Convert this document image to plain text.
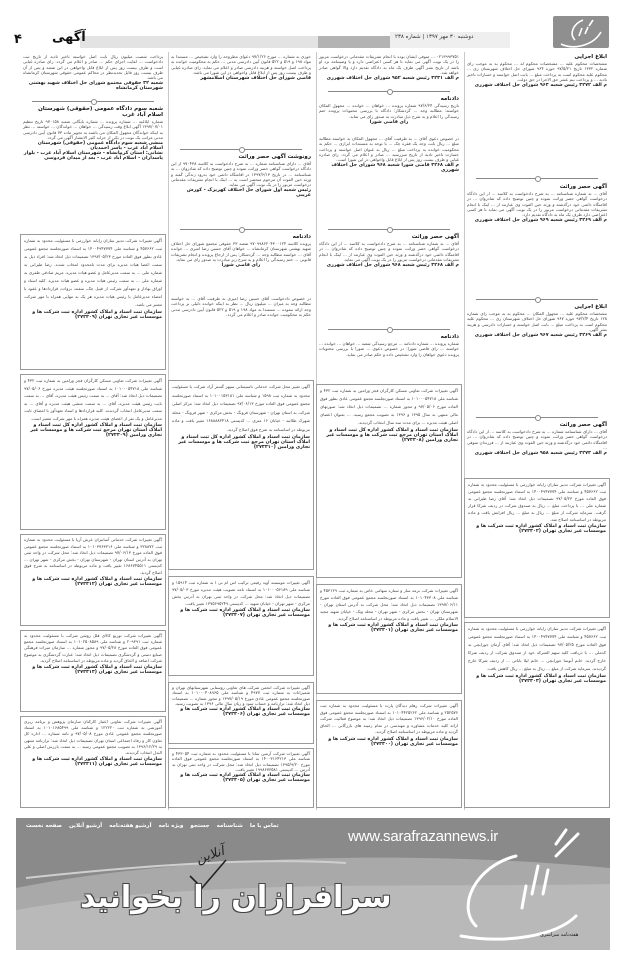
۴ آگهی	دوشنبه ۳۰ مهر ۱۳۹۷ | شماره ۲۳۸
ابلاغ اجرایی
مشخصات محکوم علیه ... مشخصات محکوم له ... محکوم به به موجب رای شماره ۱۳۳۲ تاریخ ۹۷/۵/۲۱ حوزه ۹۶۴ شورای حل اختلاف شهرستان ری ... محکوم علیه محکوم است به پرداخت مبلغ ... بابت اصل خواسته و خسارات تاخیر تادیه ... و پرداخت نیم عشر حق الاجرا در حق دولت.
م الف ۳۲۷۲ رئیس شعبه ۹۶۴ شورای حل اختلاف شهرری
آگهی حصر وراثت
آقای ... به شماره شناسنامه ... به شرح دادخواست به کلاسه ... از این دادگاه درخواست گواهی حصر وراثت نموده و چنین توضیح داده که شادروان ... در اقامتگاه دائمی خود درگذشته و ورثه حین الفوت وی عبارتند از ... اینک با انجام تشریفات مقدماتی درخواست مزبور را در یک نوبت آگهی می نماید تا هر کسی اعتراضی دارد ظرف یک ماه به دادگاه تقدیم دارد.
م الف ۳۲۶۹ رئیس شعبه ۹۶۹ شورای حل اختلاف شهرری
ابلاغ اجرایی
مشخصات محکوم علیه ... مجهول المکان ... محکوم به به موجب رای شماره ۱۲۸ تاریخ ۹۷/۲/۴ حوزه ۹۶۷ شورای حل اختلاف شهرستان ری ... محکوم علیه محکوم است به پرداخت مبلغ ... بابت اصل خواسته و خسارات دادرسی و هزینه نشر آگهی.
م الف ۳۲۶۹ رئیس شعبه ۹۶۷ شورای حل اختلاف شهرری
آگهی حصر وراثت
آقای ... دارای شناسنامه شماره ... به شرح دادخواست به کلاسه ... از این دادگاه درخواست گواهی حصر وراثت نموده و چنین توضیح داده که شادروان ... در اقامتگاه دائمی خود درگذشته و ورثه حین الفوت وی عبارتند از ... فرزندان متوفی ...
م الف ۳۲۷۴ رئیس شعبه ۹۵۸ شورای حل اختلاف شهرری
آگهی تغییرات شرکت تدبیر سازان رایانه خوارزمی با مسئولیت محدود به شماره ثبت ۴۵۷۶۶۲ و شناسه ملی ۱۴۰۰۴۹۴۷۷۷۴ به استناد صورتجلسه مجمع عمومی فوق العاده مورخ ۹۷/۰۵/۲۳ تصمیمات ذیل اتخاذ شد: آقای رضا طیرانی به شماره ملی ... با پرداخت مبلغ ... ریال به صندوق شرکت در ردیف شرکا قرار گرفت. سرمایه شرکت از مبلغ ... ریال به مبلغ ... ریال افزایش یافت و ماده مربوطه در اساسنامه اصلاح شد.
سازمان ثبت اسناد و املاک کشور اداره ثبت شرکت ها و موسسات غیر تجاری تهران (۲۷۴۳۰۲)
آگهی تغییرات شرکت تدبیر سازان رایانه خوارزمی با مسئولیت محدود به شماره ثبت ۴۵۷۶۶۲ و شناسه ملی ۱۴۰۰۴۹۴۷۷۷۴ به استناد صورتجلسه مجمع عمومی فوق العاده مورخ ۹۷/۰۵/۲۵ تصمیمات ذیل اتخاذ شد: آقای آرمان جورابچی به کدملی ... با دریافت کلیه سهم الشرکه خود از صندوق شرکت از ردیف شرکا خارج گردید. خانم آتوسا جورابچی ... خانم لیلا بابائی ... از ردیف شرکا خارج گردیدند. سرمایه شرکت از مبلغ ... ریال به مبلغ ... ریال کاهش یافت.
سازمان ثبت اسناد و املاک کشور اداره ثبت شرکت ها و موسسات غیر تجاری تهران (۲۷۴۳۰۳)
۰۲۱۳۹۹۳۷۵۱ ... متوفی ایشان بوده با انجام تشریفات مقدماتی درخواست مزبور را در یک نوبت آگهی می نماید تا هر کسی اعتراضی دارد و یا وصیتنامه نزد او باشد از تاریخ نشر آگهی ظرف یک ماه به دادگاه تقدیم دارد والا گواهی صادر خواهد شد.
م الف ۳۲۳۱ رئیس شعبه ۹۵۲ شورای حل اختلاف شهرری
دادنامه
تاریخ رسیدگی ۹۷/۶/۲۴ شماره پرونده ... خواهان ... خوانده ... مجهول المکان خواسته: مطالبه وجه ... گردشکار: دادگاه با بررسی محتویات پرونده ختم رسیدگی را اعلام و به شرح ذیل مبادرت به صدور رای می نماید.
رای قاضی شورا
در خصوص دعوی آقای ... به طرفیت آقای ... مجهول المکان به خواسته مطالبه مبلغ ... ریال بابت وجه یک فقره چک ... با توجه به مستندات ابرازی ... حکم به محکومیت خوانده به پرداخت مبلغ ... ریال به عنوان اصل خواسته و پرداخت خسارت تاخیر تادیه از تاریخ سررسید ... صادر و اعلام می گردد. رای صادره غیابی و ظرف بیست روز پس از ابلاغ قابل واخواهی در این شورا است.
م الف ۳۲۶۸ قاضی شورا شعبه ۹۶۸ شورای حل اختلاف شهرری
آگهی حصر وراثت
آقای ... به شماره شناسنامه ... به شرح دادخواست به کلاسه ... از این دادگاه درخواست گواهی حصر وراثت نموده و چنین توضیح داده که شادروان ... در اقامتگاه دائمی خود درگذشته و ورثه حین الفوت وی عبارتند از ... اینک با انجام تشریفات مقدماتی درخواست مزبور را در یک نوبت آگهی می نماید.
م الف ۳۲۶۸ رئیس شعبه ۹۶۸ شورای حل اختلاف شهرری
دادنامه
شماره پرونده ... شماره دادنامه ... مرجع رسیدگی شعبه ... خواهان ... خوانده ... خواسته ... رای قاضی شورا: در خصوص دعوی ... شورا با بررسی محتویات پرونده دعوی خواهان را وارد تشخیص داده و حکم صادر می نماید.
آگهی تغییرات شرکت تعاونی مسکن کارگران فجر ورامین به شماره ثبت ۴۳۲ و شناسه ملی ۱۰۱۰۰۰۵۴۷۱۸ به استناد صورتجلسه مجمع عمومی عادی بطور فوق العاده مورخ ۹۷/۰۵/۰۶ و مجوز شماره ... تصمیمات ذیل اتخاذ شد: صورتهای مالی منتهی به سال ۱۳۹۵ و ۱۳۹۶ به تصویب مجمع رسید. ... بعنوان اعضای اصلی هیئت مدیره ... برای مدت سه سال انتخاب گردیدند.
سازمان ثبت اسناد و املاک کشور اداره کل ثبت اسناد و املاک استان تهران مرجع ثبت شرکت ها و موسسات غیر تجاری ورامین (۲۷۴۳۰۸)
آگهی تغییرات شرکت ترمه ساز و ستاره سهامی خاص به شماره ثبت ۴۵۳۱۲۹ و شناسه ملی ۱۰۱۰۴۳۳۰۸ به استناد صورتجلسه مجمع عمومی فوق العاده مورخ ۱۳۹۷/۰۶/۱۱ تصمیمات ذیل اتخاذ شد: محل شرکت به آدرس استان تهران - شهرستان تهران - بخش مرکزی - شهر تهران - محله ونک - خیابان شهید مجید الاسلام ملکی ... تغییر یافت و ماده مربوطه در اساسنامه اصلاح گردید.
سازمان ثبت اسناد و املاک کشور اداره ثبت شرکت ها و موسسات غیر تجاری تهران (۲۷۴۳۰۱)
آگهی تغییرات شرکت رهام دیدگان پارت با مسئولیت محدود به شماره ثبت ۲۵۲۵۷۶ و شناسه ملی ۱۰۱۰۴۴۲۵۲۶۲ به استناد صورتجلسه مجمع عمومی فوق العاده مورخ ۱۳۹۶/۰۲/۱۰ تصمیمات ذیل اتخاذ شد: به موضوع فعالیت شرکت ارائه کلیه خدمات مشاوره و مهندسی در تمام زمینه های بازرگانی ... الحاق گردید و ماده مربوطه در اساسنامه اصلاح گردید.
سازمان ثبت اسناد و املاک کشور اداره ثبت شرکت ها و موسسات غیر تجاری تهران (۲۷۴۳۰۰)
خوزی به شماره ... مورخ ۹۷/۱/۲۶ دعوای مطروحه را وارد تشخیص ... مستندا به مواد ۱۹۸ و ۵۱۹ و ۵۲۲ قانون آیین دادرسی مدنی ... حکم به محکومیت خوانده به پرداخت اصل خواسته و هزینه دادرسی صادر و اعلام می نماید. رای صادره غیابی و ظرف بیست روز پس از ابلاغ قابل واخواهی در این شورا می باشد.
قاضی شورای حل اختلاف شهرستان اسلامشهر
رونوشت آگهی حصر وراثت
آقای ... دارای شناسنامه شماره ... به شرح دادخواست به کلاسه ۹۷۰۴۳۸ از این دادگاه درخواست گواهی حصر وراثت نموده و چنین توضیح داده که شادروان ... به شناسنامه ... در تاریخ ۱۳۹۷/۶/۱۳ در اقامتگاه دائمی خود بدرود زندگی گفته و ورثه حین الفوت آن مرحوم منحصر است به ... اینک با انجام تشریفات مقدماتی درخواست مزبور را در یک نوبت آگهی می نماید.
رئیس شعبه اول شورای حل اختلاف کهریزک - کورش غریبی
دادنامه
پرونده کلاسه ۹۷۰۹۹۸۶۲۰۴۳۰۰۱۲۴ شعبه ۳۳ حقوقی مجتمع شورای حل اختلاف شهید بهشتی شهرستان کرمانشاه ... خواهان آقای حسین رضا امیری ... خوانده آقای ... خواسته مطالبه وجه ... گردشکار: پس از ارجاع پرونده و انجام تشریفات قانونی ... ختم رسیدگی را اعلام و به شرح زیر مبادرت به صدور رای می نماید.
رای قاضی شورا
در خصوص دادخواست آقای حسین رضا امیری به طرفیت آقای ... به خواسته مطالبه وجه به میزان ... میلیون ریال ... نظر به اینکه خوانده دلیلی بر پرداخت وجه ارائه ننموده ... مستندا به مواد ۱۹۸ و ۵۱۹ و ۵۲۲ قانون آیین دادرسی مدنی حکم به محکومیت خوانده صادر و اعلام می گردد.
آگهی تغییر محل شرکت خدماتی تاسیساتی سپهر گستر آراد شرکت با مسئولیت محدود به شماره ثبت ۱۵۹۸ و شناسه ملی ۱۰۱۰۰۱۵۳۱۸۱ به استناد صورتجلسه مجمع عمومی فوق العاده مورخ ۹۷/۰۶/۱۳ تصمیمات ذیل اتخاذ شد: مرکز اصلی شرکت به استان تهران - شهرستان فرونگ - بخش مرکزی - شهر فرونگ - محله شهرک طلائیه - خیابان ۱۶ متری ... کدپستی ۱۶۸۸۸۸۳۴۱۸ تغییر یافت و ماده مربوطه در اساسنامه به شرح فوق اصلاح گردید.
سازمان ثبت اسناد و املاک کشور اداره کل ثبت اسناد و املاک استان تهران مرجع ثبت شرکت ها و موسسات غیر تجاری ورامین (۲۷۴۳۱۰)
آگهی تغییرات موسسه آوید رفیعی ترکیب اس ام تی ا به شماره ثبت ۱۵۹۱۴ و شناسه ملی ۱۰۱۰۰۰۵۶۱۸۹ به استناد نامه تصویب هیئت مدیره مورخ ۹۷/۰۵/۰۳ تصمیمات ذیل اتخاذ شد: محل شرکت در واحد ثبتی تهران به آدرس بخش مرکزی - شهر تهران - خیابان شهید ... کدپستی ۱۳۷۵۶۹۵۲۴۹ تغییر یافت.
سازمان ثبت اسناد و املاک کشور اداره ثبت شرکت ها و موسسات غیر تجاری تهران (۲۷۴۳۰۷)
آگهی تغییرات شرکت انجمن شرکت های تعاونی روستایی شهرستانهای تهران و شمیرانات به شماره ثبت ۴۹۷۷ و شناسه ملی ۱۰۱۰۰۰۴۰۸۹۶۵ به استناد صورتجلسه مجمع عمومی عادی مورخ ۱۳۹۷/۰۵/۱۹ و مجوز شماره ... تصمیمات ذیل اتخاذ شد: ترازنامه و حساب سود و زیان سال مالی ۱۳۹۶ به تصویب رسید.
سازمان ثبت اسناد و املاک کشور اداره ثبت شرکت ها و موسسات غیر تجاری تهران (۲۷۴۳۰۶)
آگهی تغییرات شرکت آرمین سانا با مسئولیت محدود به شماره ثبت ۴۳۳۰۵۴ و شناسه ملی ۱۴۰۰۳۱۶۴۲۱۳ به استناد صورتجلسه مجمع عمومی فوق العاده مورخ ۱۳۹۵/۹/۲۰ تصمیمات ذیل اتخاذ شد: محل شرکت در واحد ثبتی تهران به آدرس ... کدپستی ۱۹۹۸۶۷۳۵۸۱ تغییر یافت.
سازمان ثبت اسناد و املاک کشور اداره ثبت شرکت ها و موسسات غیر تجاری تهران (۲۷۴۳۰۵)
پرداخت شصت میلیون ریال بابت اصل خواسته تاخیر تادیه از تاریخ ثبت دادخواست ... لغایت اجرای حکم ... صادر و اعلام می گردد. رای صادره غیابی است و ظرف بیست روز پس از ابلاغ قابل واخواهی در این شعبه و پس از آن ظرف بیست روز قابل تجدیدنظر در محاکم عمومی حقوقی شهرستان کرمانشاه می باشد.
شعبه ۳۲ حقوقی مجتمع شورای حل اختلاف شهید بهشتی شهرستان کرمانشاه
شعبه سوم دادگاه عمومی (حقوقی) شهرستان اسلام آباد غرب
شماره ابلاغیه ... شماره پرونده ... شماره بایگانی شعبه ۹۷۰۱۵۸ تاریخ تنظیم ۱۳۹۷/۰۷/۰۱ آگهی ابلاغ وقت رسیدگی ... خواهان ... خواندگان ... خواسته ... نظر به اینکه خواندگان مجهول المکان می باشند به تجویز ماده ۷۳ قانون آیین دادرسی مدنی مراتب یک نوبت در یکی از جراید کثیر الانتشار آگهی می گردد.
منشی شعبه سوم دادگاه عمومی (حقوقی) شهرستان اسلام آباد غرب - یاسر احمدیان
نشانی: استان کرمانشاه - شهرستان اسلام آباد غرب - بلوار پاسداران - اسلام آباد غرب - بعد از میدان فردوسی
آگهی تغییرات شرکت تدبیر سازان رایانه خوارزمی با مسئولیت محدود به شماره ثبت ۴۵۷۶۶۲ و شناسه ملی ۱۴۰۰۴۹۴۷۷۷۴ به استناد صورتجلسه مجمع عمومی عادی بطور فوق العاده مورخ ۱۳۹۷/۰۵/۲۳ تصمیمات ذیل اتخاذ شد: افراد ذیل به سمت اعضا هیات مدیره برای مدت نامحدود انتخاب شدند. رضا طیرانی به شماره ملی ... به سمت مدیرعامل و عضو هیات مدیره. مریم صادقی ظفری به شماره ملی ... به سمت رئیس هیات مدیره و عضو هیات مدیره. کلیه اسناد و اوراق بهادار و تعهدآور شرکت از قبیل چک، سفته، بروات، قراردادها و عقود با امضاء مدیرعامل یا رئیس هیات مدیره هر یک به تنهایی همراه با مهر شرکت معتبر می باشد.
سازمان ثبت اسناد و املاک کشور اداره ثبت شرکت ها و موسسات غیر تجاری تهران (۲۷۴۳۰۹)
آگهی تغییرات شرکت تعاونی مسکن کارگران فجر ورامین به شماره ثبت ۴۳۲ و شناسه ملی ۱۰۱۰۰۰۵۴۷۱۸ به استناد صورتجلسه هیئت مدیره مورخ ۹۷/۰۵/۰۶ تصمیمات ذیل اتخاذ شد: آقای ... به سمت رئیس هیئت مدیره، آقای ... به سمت نایب رئیس هیئت مدیره، آقای ... به سمت منشی هیئت مدیره و آقای ... به سمت مدیرعامل انتخاب گردیدند. کلیه قراردادها و اسناد تعهدآور با امضای ثابت مدیرعامل و یک نفر از اعضای هیئت مدیره همراه با مهر شرکت معتبر است.
سازمان ثبت اسناد و املاک کشور اداره کل ثبت اسناد و املاک استان تهران مرجع ثبت شرکت ها و موسسات غیر تجاری ورامین (۲۷۴۳۰۹)
آگهی تغییرات شرکت خدماتی آسانبران عرش آریا با مسئولیت محدود به شماره ثبت ۳۲۸۸۷۲ و شناسه ملی ۱۰۱۰۳۷۶۳۳۱۶ به استناد صورتجلسه مجمع عمومی فوق العاده مورخ ۹۷/۰۶/۱۳ تصمیمات ذیل اتخاذ شد: محل شرکت در واحد ثبتی تهران به آدرس استان تهران - شهرستان تهران - بخش مرکزی - شهر تهران ... کدپستی ۱۶۸۶۷۴۵۵۱۱ تغییر یافت و ماده مربوطه در اساسنامه به شرح فوق اصلاح گردید.
سازمان ثبت اسناد و املاک کشور اداره ثبت شرکت ها و موسسات غیر تجاری تهران (۲۷۴۳۱۲)
آگهی تغییرات شرکت توزیع کالای قلل روشن شرکت با مسئولیت محدود به شماره ثبت ۲۰۹۳۹۱ و شناسه ملی ۱۰۱۰۲۵۰۸۵۸۹ به استناد صورتجلسه مجمع عمومی فوق العاده مورخ ۹۷/۰۵/۲۸ و مجوز شماره ... سازمان میراث فرهنگی صنایع دستی و گردشگری تصمیمات ذیل اتخاذ شد: عبارت گردشگری به موضوع شرکت اضافه و الحاق گردید و ماده مربوطه در اساسنامه اصلاح گردید.
سازمان ثبت اسناد و املاک کشور اداره ثبت شرکت ها و موسسات غیر تجاری تهران (۲۷۴۳۱۴)
آگهی تغییرات شرکت تعاونی اعتبار کارکنان سازمان پژوهش و برنامه ریزی آموزشی به شماره ثبت ۱۲۲۲۲۰ و شناسه ملی ۱۰۱۰۱۶۸۵۴۹۹ به استناد صورتجلسه مجمع عمومی عادی مورخ ۹۷/۰۵/۰۸ و نامه شماره ... اداره کل تعاون کار و رفاه اجتماعی استان تهران تصمیمات ذیل اتخاذ شد: ترازنامه منتهی به ۱۳۹۶/۱۲/۲۹ به تصویب مجمع عمومی رسید ... به سمت بازرس اصلی و علی البدل انتخاب گردیدند.
سازمان ثبت اسناد و املاک کشور اداره ثبت شرکت ها و موسسات غیر تجاری تهران (۲۷۴۳۱۱)
صفحه نخست آرشیو آنلاین آرشیو هفته‌نامه ویژه نامه جستجو شناسنامه تماس با ما
www.sarafrazannews.ir
آنلاین
سرافرازان را بخوانید
هفته‌نامه سراسری
